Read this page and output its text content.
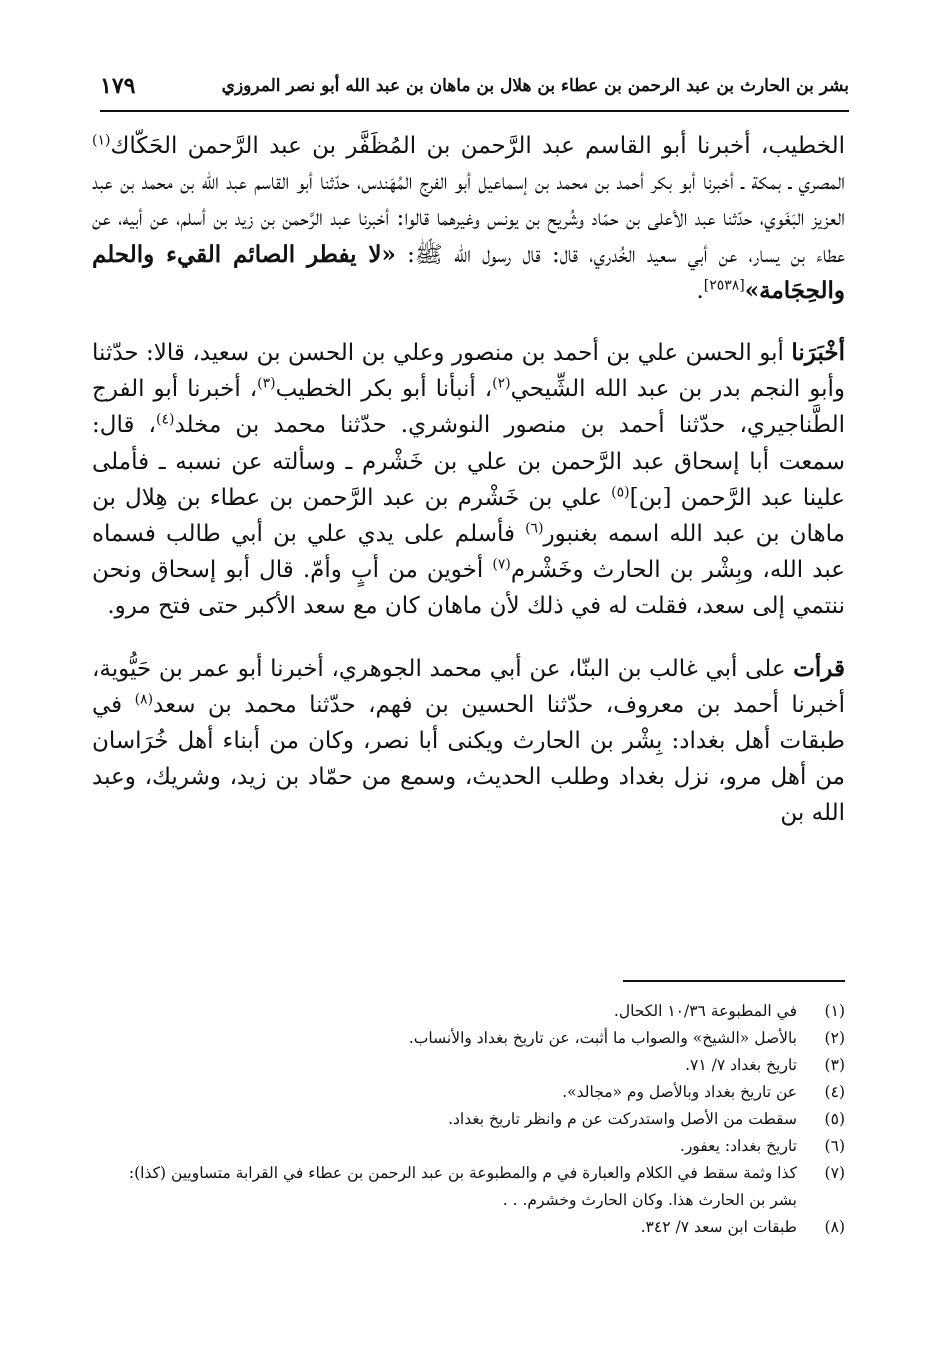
بشر بن الحارث بن عبد الرحمن بن عطاء بن هلال بن ماهان بن عبد الله أبو نصر المروزي
١٧٩

الخطيب، أخبرنا أبو القاسم عبد الرَّحمن بن المُظَفَّر بن عبد الرَّحمن الحَكّاك$^{(١)}$ المصري ـ بمكة ـ أخبرنا أبو بكر أحمد بن محمد بن إسماعيل أبو الفرج المُهَندس، حدّثنا أبو القاسم عبد الله بن محمد بن عبد العزيز البَغَوي، حدّثنا عبد الأعلى بن حمّاد وشُريح بن يونس وغيرهما قالوا: أخبرنا عبد الرَّحمن بن زيد بن أسلم، عن أبيه، عن عطاء بن يسار، عن أبي سعيد الخُدري، قال: قال رسول الله ﷺ: «لا يفطر الصائم القيء والحلم والحِجَامة»[٢٥٣٨].

أخْبَرَنا أبو الحسن علي بن أحمد بن منصور وعلي بن الحسن بن سعيد، قالا: حدّثنا وأبو النجم بدر بن عبد الله الشِّيحي$^{(٢)}$، أنبأنا أبو بكر الخطيب$^{(٣)}$، أخبرنا أبو الفرج الطَّناجيري، حدّثنا أحمد بن منصور النوشري. حدّثنا محمد بن مخلد$^{(٤)}$، قال: سمعت أبا إسحاق عبد الرَّحمن بن علي بن خَشْرم ـ وسألته عن نسبه ـ فأملى علينا عبد الرَّحمن [بن]$^{(٥)}$ علي بن خَشْرم بن عبد الرَّحمن بن عطاء بن هِلال بن ماهان بن عبد الله اسمه بغنبور$^{(٦)}$ فأسلم على يدي علي بن أبي طالب فسماه عبد الله، وبِشْر بن الحارث وخَشْرم$^{(٧)}$ أخوين من أبٍ وأمّ. قال أبو إسحاق ونحن ننتمي إلى سعد، فقلت له في ذلك لأن ماهان كان مع سعد الأكبر حتى فتح مرو.

قرأت على أبي غالب بن البنّا، عن أبي محمد الجوهري، أخبرنا أبو عمر بن حَيُّوية، أخبرنا أحمد بن معروف، حدّثنا الحسين بن فهم، حدّثنا محمد بن سعد$^{(٨)}$ في طبقات أهل بغداد: بِشْر بن الحارث ويكنى أبا نصر، وكان من أبناء أهل خُرَاسان من أهل مرو، نزل بغداد وطلب الحديث، وسمع من حمّاد بن زيد، وشريك، وعبد الله بن

(١)
في المطبوعة ١٠/٣٦ الكحال.
(٢)
بالأصل «الشيخ» والصواب ما أثبت، عن تاريخ بغداد والأنساب.
(٣)
تاريخ بغداد ٧/ ٧١.
(٤)
عن تاريخ بغداد وبالأصل وم «مجالد».
(٥)
سقطت من الأصل واستدركت عن م وانظر تاريخ بغداد.
(٦)
تاريخ بغداد: يعفور.
(٧)
كذا وثمة سقط في الكلام والعبارة في م والمطبوعة بن عبد الرحمن بن عطاء في القرابة متساويين (كذا): بشر بن الحارث هذا. وكان الحارث وخشرم. . .
(٨)
طبقات ابن سعد ٧/ ٣٤٢.
